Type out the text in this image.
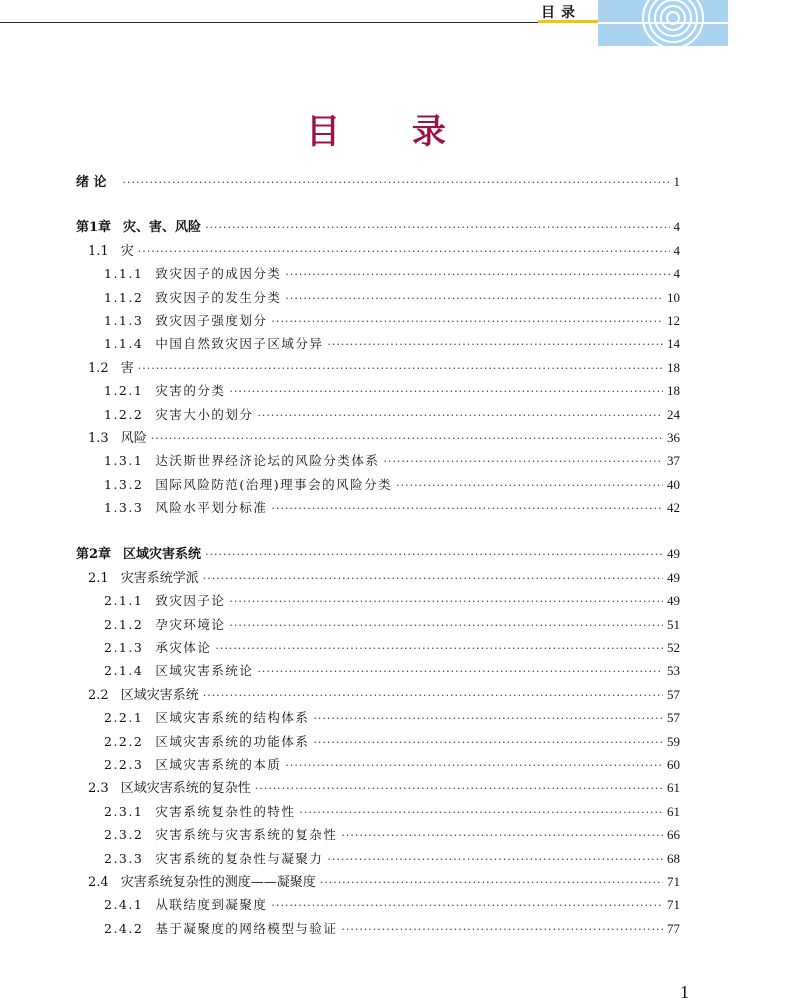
目录
目 录
绪 论 ·····	1
第1章 灾、害、风险 ·····	4
1.1 灾 ·····	4
1.1.1 致灾因子的成因分类 ·····	4
1.1.2 致灾因子的发生分类 ·····	10
1.1.3 致灾因子强度划分 ·····	12
1.1.4 中国自然致灾因子区域分异 ·····	14
1.2 害 ·····	18
1.2.1 灾害的分类 ·····	18
1.2.2 灾害大小的划分 ·····	24
1.3 风险 ·····	36
1.3.1 达沃斯世界经济论坛的风险分类体系 ·····	37
1.3.2 国际风险防范(治理)理事会的风险分类 ·····	40
1.3.3 风险水平划分标准 ·····	42
第2章 区域灾害系统 ·····	49
2.1 灾害系统学派 ·····	49
2.1.1 致灾因子论 ·····	49
2.1.2 孕灾环境论 ·····	51
2.1.3 承灾体论 ·····	52
2.1.4 区域灾害系统论 ·····	53
2.2 区域灾害系统 ·····	57
2.2.1 区域灾害系统的结构体系 ·····	57
2.2.2 区域灾害系统的功能体系 ·····	59
2.2.3 区域灾害系统的本质 ·····	60
2.3 区域灾害系统的复杂性 ·····	61
2.3.1 灾害系统复杂性的特性 ·····	61
2.3.2 灾害系统与灾害系统的复杂性 ·····	66
2.3.3 灾害系统的复杂性与凝聚力 ·····	68
2.4 灾害系统复杂性的测度——凝聚度 ·····	71
2.4.1 从联结度到凝聚度 ·····	71
2.4.2 基于凝聚度的网络模型与验证 ·····	77
1
